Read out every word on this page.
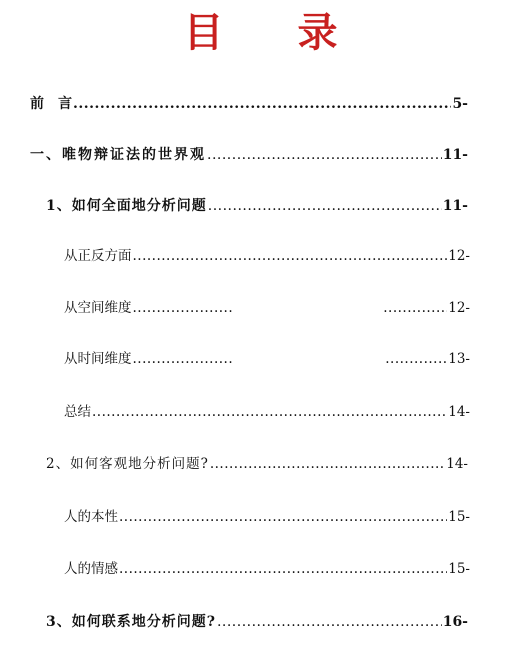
目 录
前　言 .....	5-
一、唯物辩证法的世界观 .....	11-
1、如何全面地分析问题 .....	11-
从正反方面 .....	12-
从空间维度 ..... .....	12-
从时间维度 ..... .....	13-
总结 .....	14-
2、如何客观地分析问题? .....	14-
人的本性 .....	15-
人的情感 .....	15-
3、如何联系地分析问题? .....	16-
